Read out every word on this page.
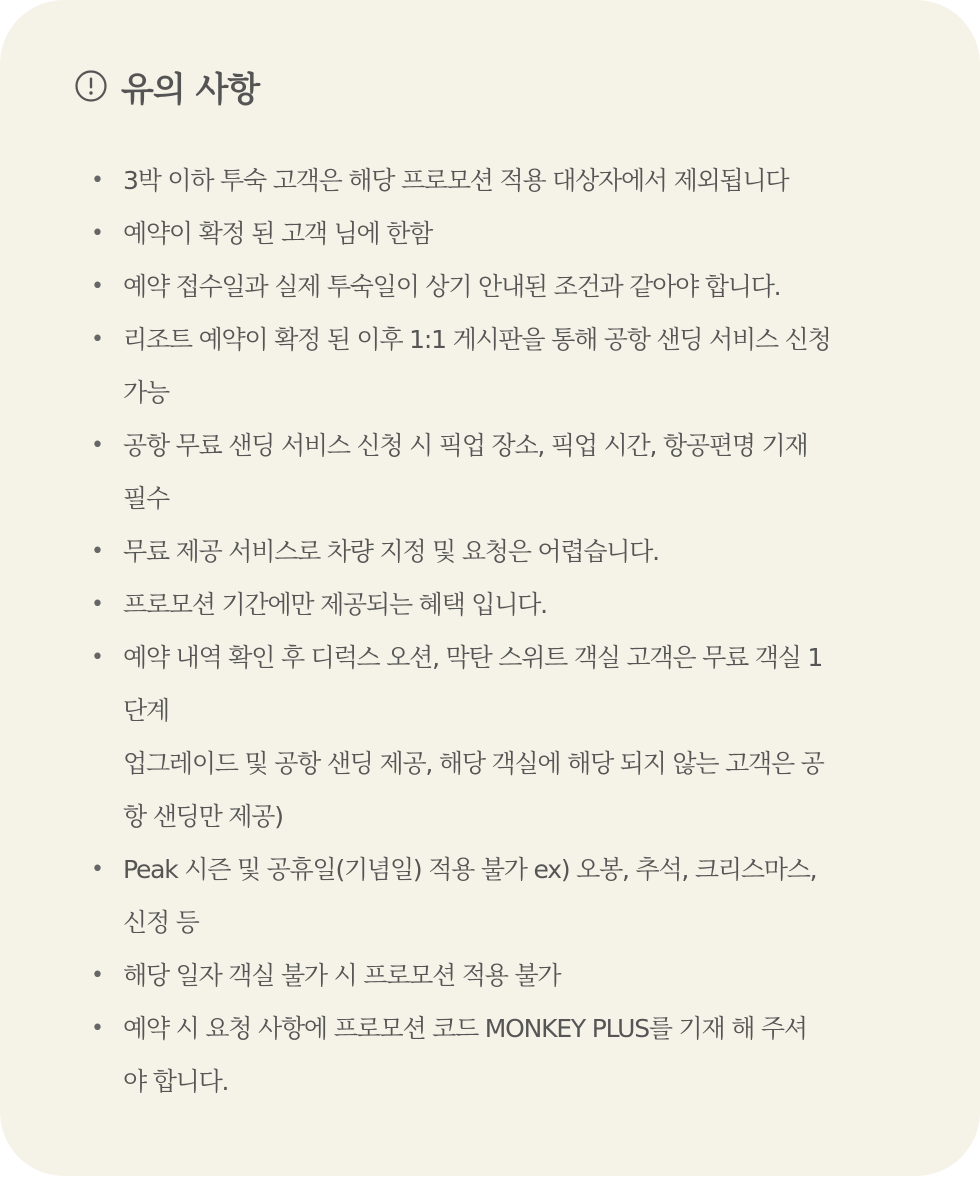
유의 사항
• 3박 이하 투숙 고객은 해당 프로모션 적용 대상자에서 제외됩니다
• 예약이 확정 된 고객 님에 한함
• 예약 접수일과 실제 투숙일이 상기 안내된 조건과 같아야 합니다.
• 리조트 예약이 확정 된 이후 1:1 게시판을 통해 공항 샌딩 서비스 신청
가능
• 공항 무료 샌딩 서비스 신청 시 픽업 장소, 픽업 시간, 항공편명 기재
필수
• 무료 제공 서비스로 차량 지정 및 요청은 어렵습니다.
• 프로모션 기간에만 제공되는 혜택 입니다.
• 예약 내역 확인 후 디럭스 오션, 막탄 스위트 객실 고객은 무료 객실 1
단계
업그레이드 및 공항 샌딩 제공, 해당 객실에 해당 되지 않는 고객은 공
항 샌딩만 제공)
• Peak 시즌 및 공휴일(기념일) 적용 불가 ex) 오봉, 추석, 크리스마스,
신정 등
• 해당 일자 객실 불가 시 프로모션 적용 불가
• 예약 시 요청 사항에 프로모션 코드 MONKEY PLUS를 기재 해 주셔
야 합니다.
